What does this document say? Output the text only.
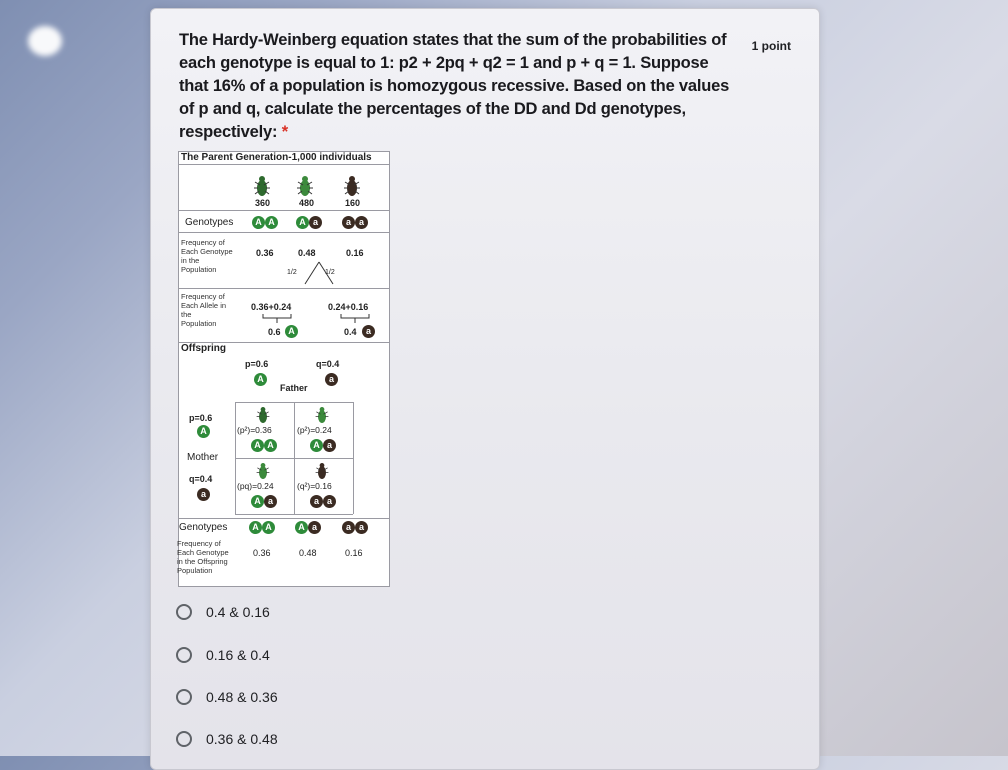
The Hardy-Weinberg equation states that the sum of the probabilities of each genotype is equal to 1: p2 + 2pq + q2 = 1 and p + q = 1. Suppose that 16% of a population is homozygous recessive. Based on the values of p and q, calculate the percentages of the DD and Dd genotypes, respectively: *
1 point
The Parent Generation-1,000 individuals
360	480	160
Genotypes	A A	A a	a a
Frequency of
Each Genotype
in the
Population
0.36	0.48	0.16
1/2	1/2
Frequency of
Each Allele in
the
Population
0.36+0.24	0.24+0.16
0.6 A	0.4	a
Offspring
p=0.6
A
q=0.4
a
Father
p=0.6
A
Mother
q=0.4
a
(p²)=0.36	(p²)=0.24
A A	A a
(pq)=0.24	(q²)=0.16
A a	a a
Genotypes	A A	A a	a a
Frequency of
Each Genotype
in the Offspring
Population
0.36	0.48	0.16
0.4 & 0.16
0.16 & 0.4
0.48 & 0.36
0.36 & 0.48
